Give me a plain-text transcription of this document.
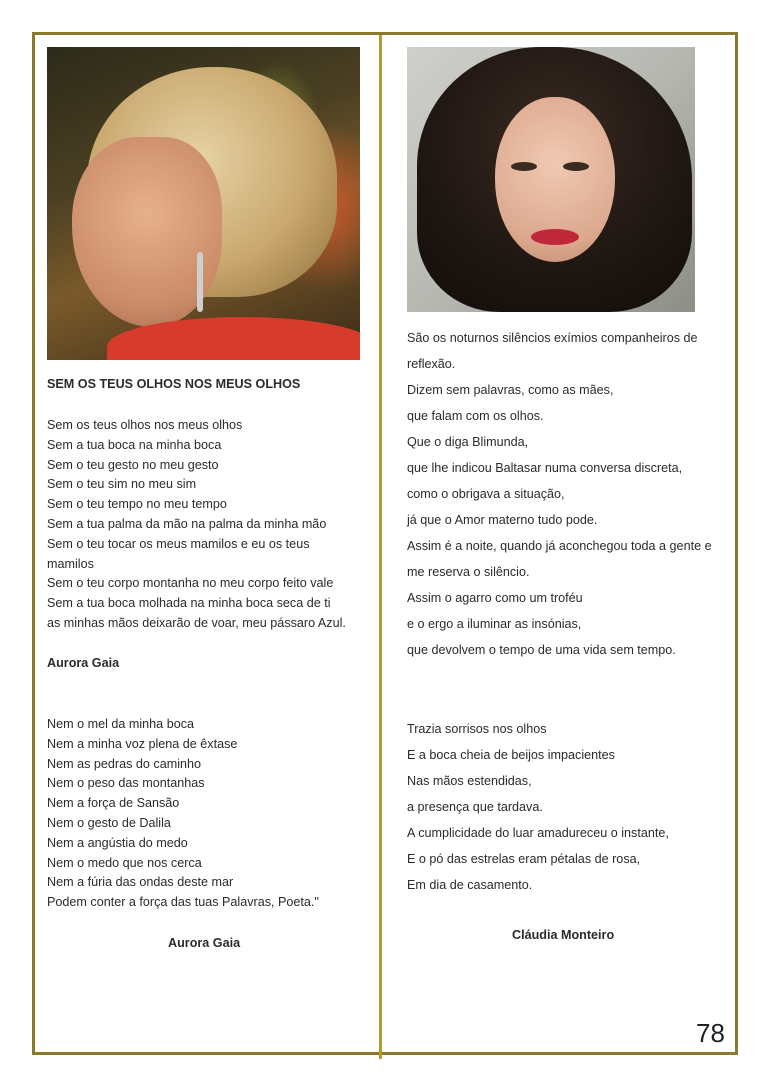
SEM OS TEUS OLHOS NOS MEUS OLHOS
Sem os teus olhos nos meus olhos
Sem a tua boca na minha boca
Sem o teu gesto no meu gesto
Sem o teu sim no meu sim
Sem o teu tempo no meu tempo
Sem a tua palma da mão na palma da minha mão
Sem o teu tocar os meus mamilos e eu os teus
mamilos
Sem o teu corpo montanha no meu corpo feito vale
Sem a tua boca molhada na minha boca seca de ti
as minhas mãos deixarão de voar, meu pássaro Azul.
Aurora Gaia
Nem o mel da minha boca
Nem a minha voz plena de êxtase
Nem as pedras do caminho
Nem o peso das montanhas
Nem a força de Sansão
Nem o gesto de Dalila
Nem a angústia do medo
Nem o medo que nos cerca
Nem a fúria das ondas deste mar
Podem conter a força das tuas Palavras, Poeta."
Aurora Gaia
São os noturnos silêncios exímios companheiros de
reflexão.
Dizem sem palavras, como as mães,
que falam com os olhos.
Que o diga Blimunda,
que lhe indicou Baltasar numa conversa discreta,
como o obrigava a situação,
já que o Amor materno tudo pode.
Assim é a noite, quando já aconchegou toda a gente e
me reserva o silêncio.
Assim o agarro como um troféu
e o ergo a iluminar as insónias,
que devolvem o tempo de uma vida sem tempo.
Trazia sorrisos nos olhos
E a boca cheia de beijos impacientes
Nas mãos estendidas,
a presença que tardava.
A cumplicidade do luar amadureceu o instante,
E o pó das estrelas eram pétalas de rosa,
Em dia de casamento.
Cláudia Monteiro
78
